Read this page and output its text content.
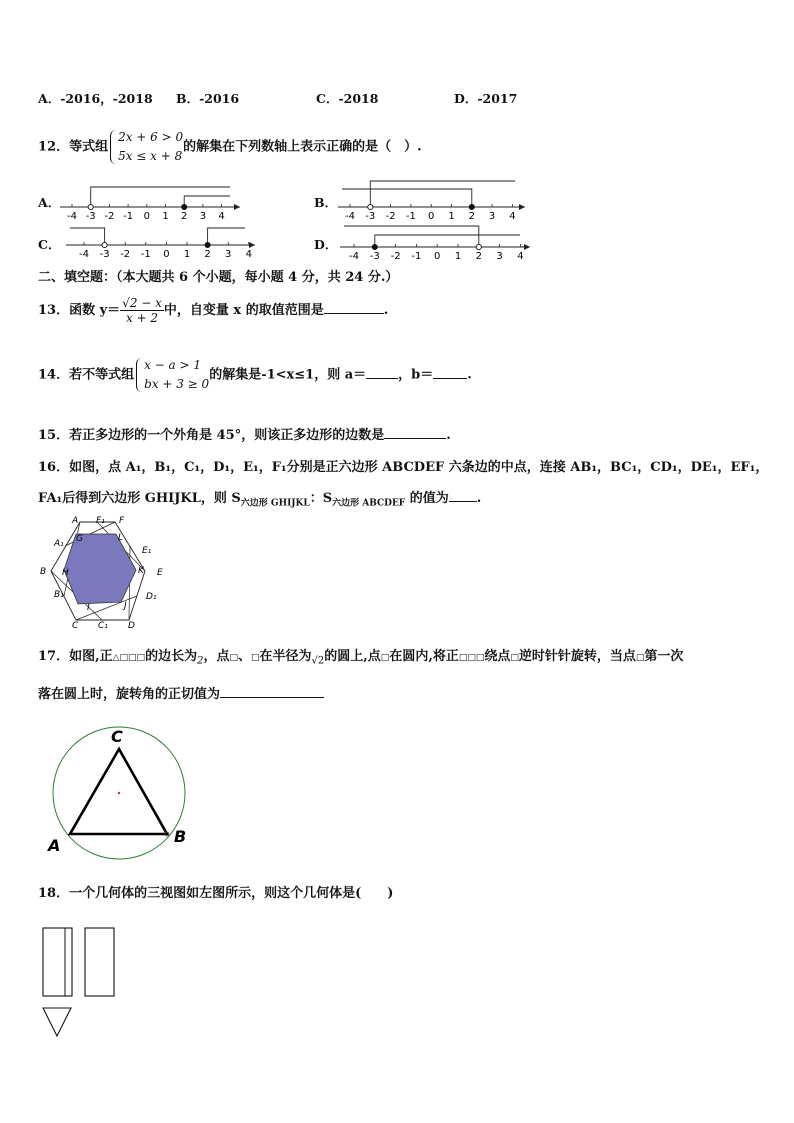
A．-2016，-2018 B．-2016	C．-2018	D．-2017
12．等式组
2x + 6 > 0
5x ≤ x + 8
的解集在下列数轴上表示正确的是（　）.
A．	B．
C．	D．
-4 -3 -2 -1 0 1 2 3 4	-4 -3 -2 -1 0 1 2 3 4
-4 -3 -2 -1 0 1 2 3 4	-4 -3 -2 -1 0 1 2 3 4
二、填空题：（本大题共 6 个小题，每小题 4 分，共 24 分.）
13．函数 $y= \frac{√2 - x}{x + 2}$ 中，自变量 x 的取值范围是	.
14．若不等式组
x − a > 1
bx + 3 ≥ 0
的解集是-1<x≤1，则 a＝ ，b＝	.
15．若正多边形的一个外角是 45°，则该正多边形的边数是	.
16．如图，点 A₁，B₁，C₁，D₁，E₁，F₁分别是正六边形 ABCDEF 六条边的中点，连接 AB₁，BC₁，CD₁，DE₁，EF₁，
FA₁后得到六边形 GHIJKL，则 $S_{六边形 GHIJKL}$：$S_{六边形 ABCDEF}$ 的值为 .
A F₁ F
A₁ G	L
E₁
B H	K E
B₁
I	J
D₁
C C₁ D
17．如图,正△□□□的边长为$_2$，点□、□在半径为$_{√2}$的圆上,点□在圆内,将正□□□绕点□逆时针针旋转，当点□第一次
落在圆上时，旋转角的正切值为
C
A	B
18．一个几何体的三视图如左图所示，则这个几何体是(　　)
